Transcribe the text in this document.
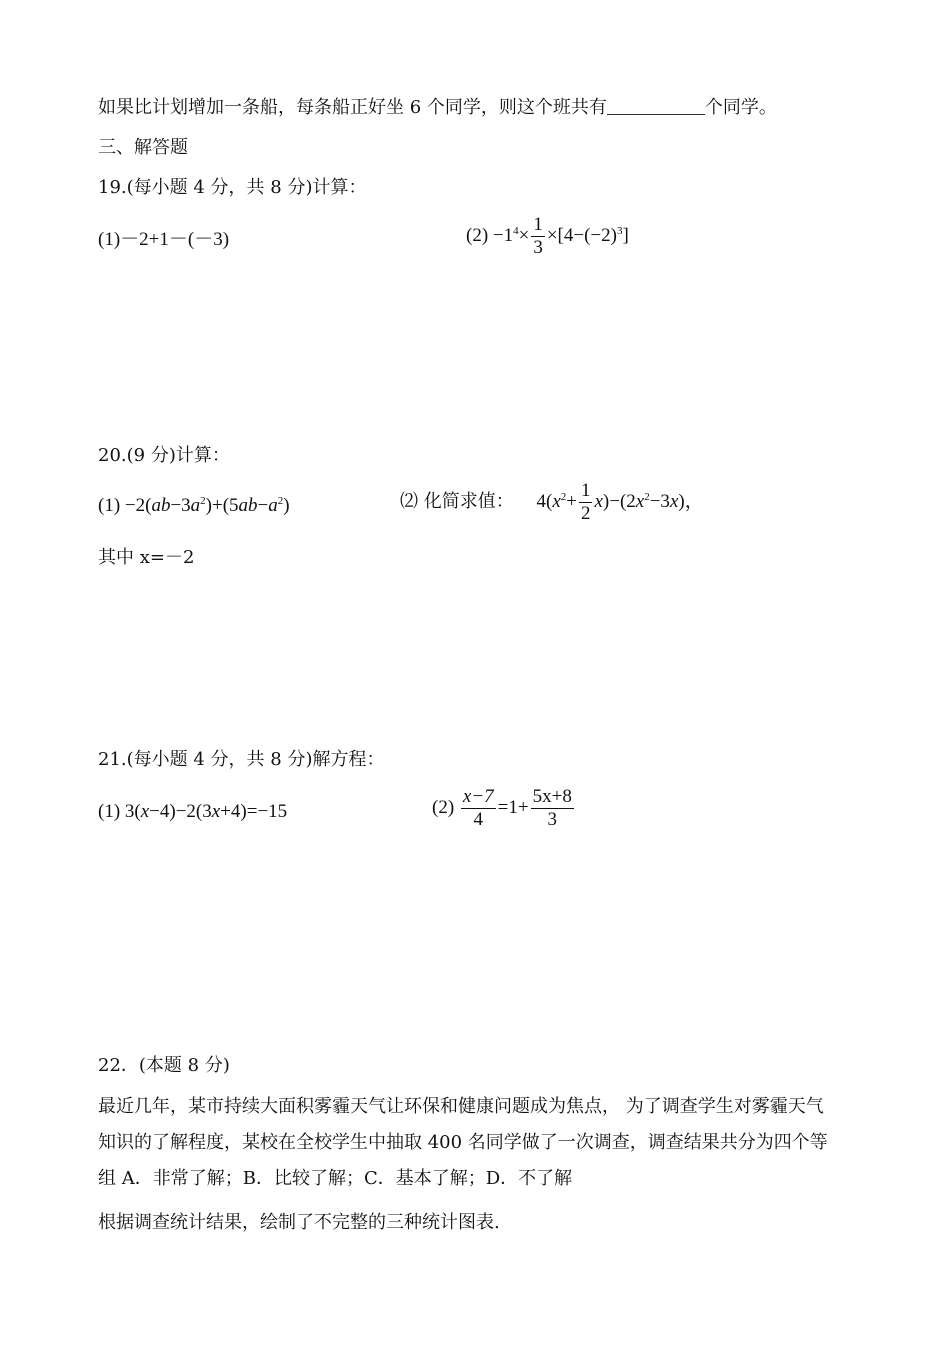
如果比计划增加一条船，每条船正好坐 6 个同学，则这个班共有	个同学。
三、解答题
19.(每小题 4 分，共 8 分)计算：
(1)－2+1－(－3)	$(2) -1^4\times \frac{1}{3} \times[4-(-2)^3]$
20.(9 分)计算：
$(1) -2(ab-3a^2)+(5ab-a^2)$	⑵ 化简求值： $4(x^2+ \frac{1}{2} x)-(2x^2-3x)$，
其中 x=－2
21.(每小题 4 分，共 8 分)解方程：
(1) 3(x−4)−2(3x+4)=−15	$(2) \frac{x-7}{4} =1+ \frac{5x+8}{3}$
22．(本题 8 分)
最近几年，某市持续大面积雾霾天气让环保和健康问题成为焦点， 为了调查学生对雾霾天气
知识的了解程度，某校在全校学生中抽取 400 名同学做了一次调查，调查结果共分为四个等
组 A．非常了解；B．比较了解；C．基本了解；D．不了解
根据调查统计结果，绘制了不完整的三种统计图表.
